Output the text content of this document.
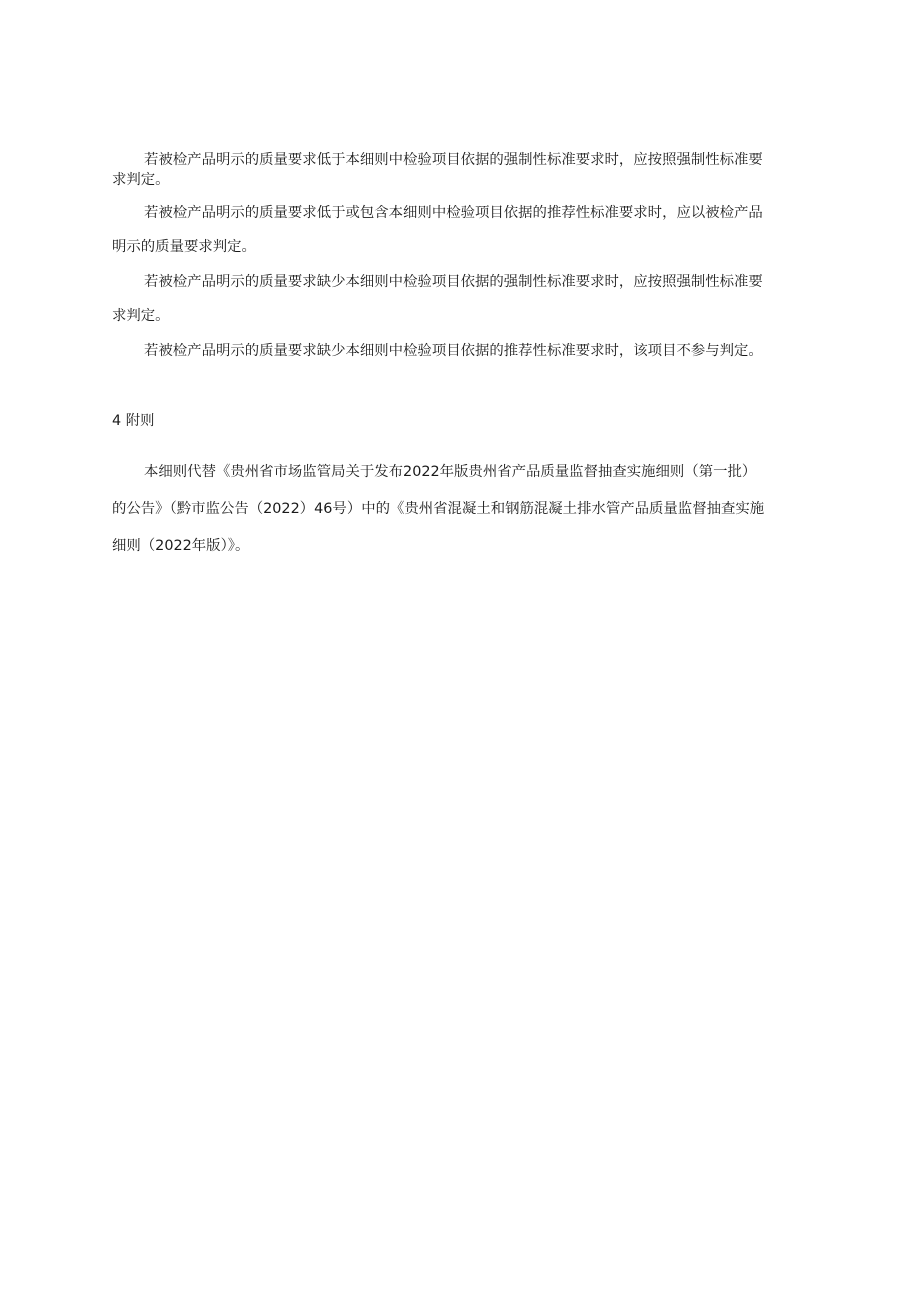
若被检产品明示的质量要求低于本细则中检验项目依据的强制性标准要求时，应按照强制性标准要
求判定。

若被检产品明示的质量要求低于或包含本细则中检验项目依据的推荐性标准要求时，应以被检产品
明示的质量要求判定。

若被检产品明示的质量要求缺少本细则中检验项目依据的强制性标准要求时，应按照强制性标准要
求判定。

若被检产品明示的质量要求缺少本细则中检验项目依据的推荐性标准要求时，该项目不参与判定。

4 附则

本细则代替《贵州省市场监管局关于发布2022年版贵州省产品质量监督抽查实施细则（第一批）
的公告》（黔市监公告（2022）46号）中的《贵州省混凝土和钢筋混凝土排水管产品质量监督抽查实施
细则（2022年版）》。
